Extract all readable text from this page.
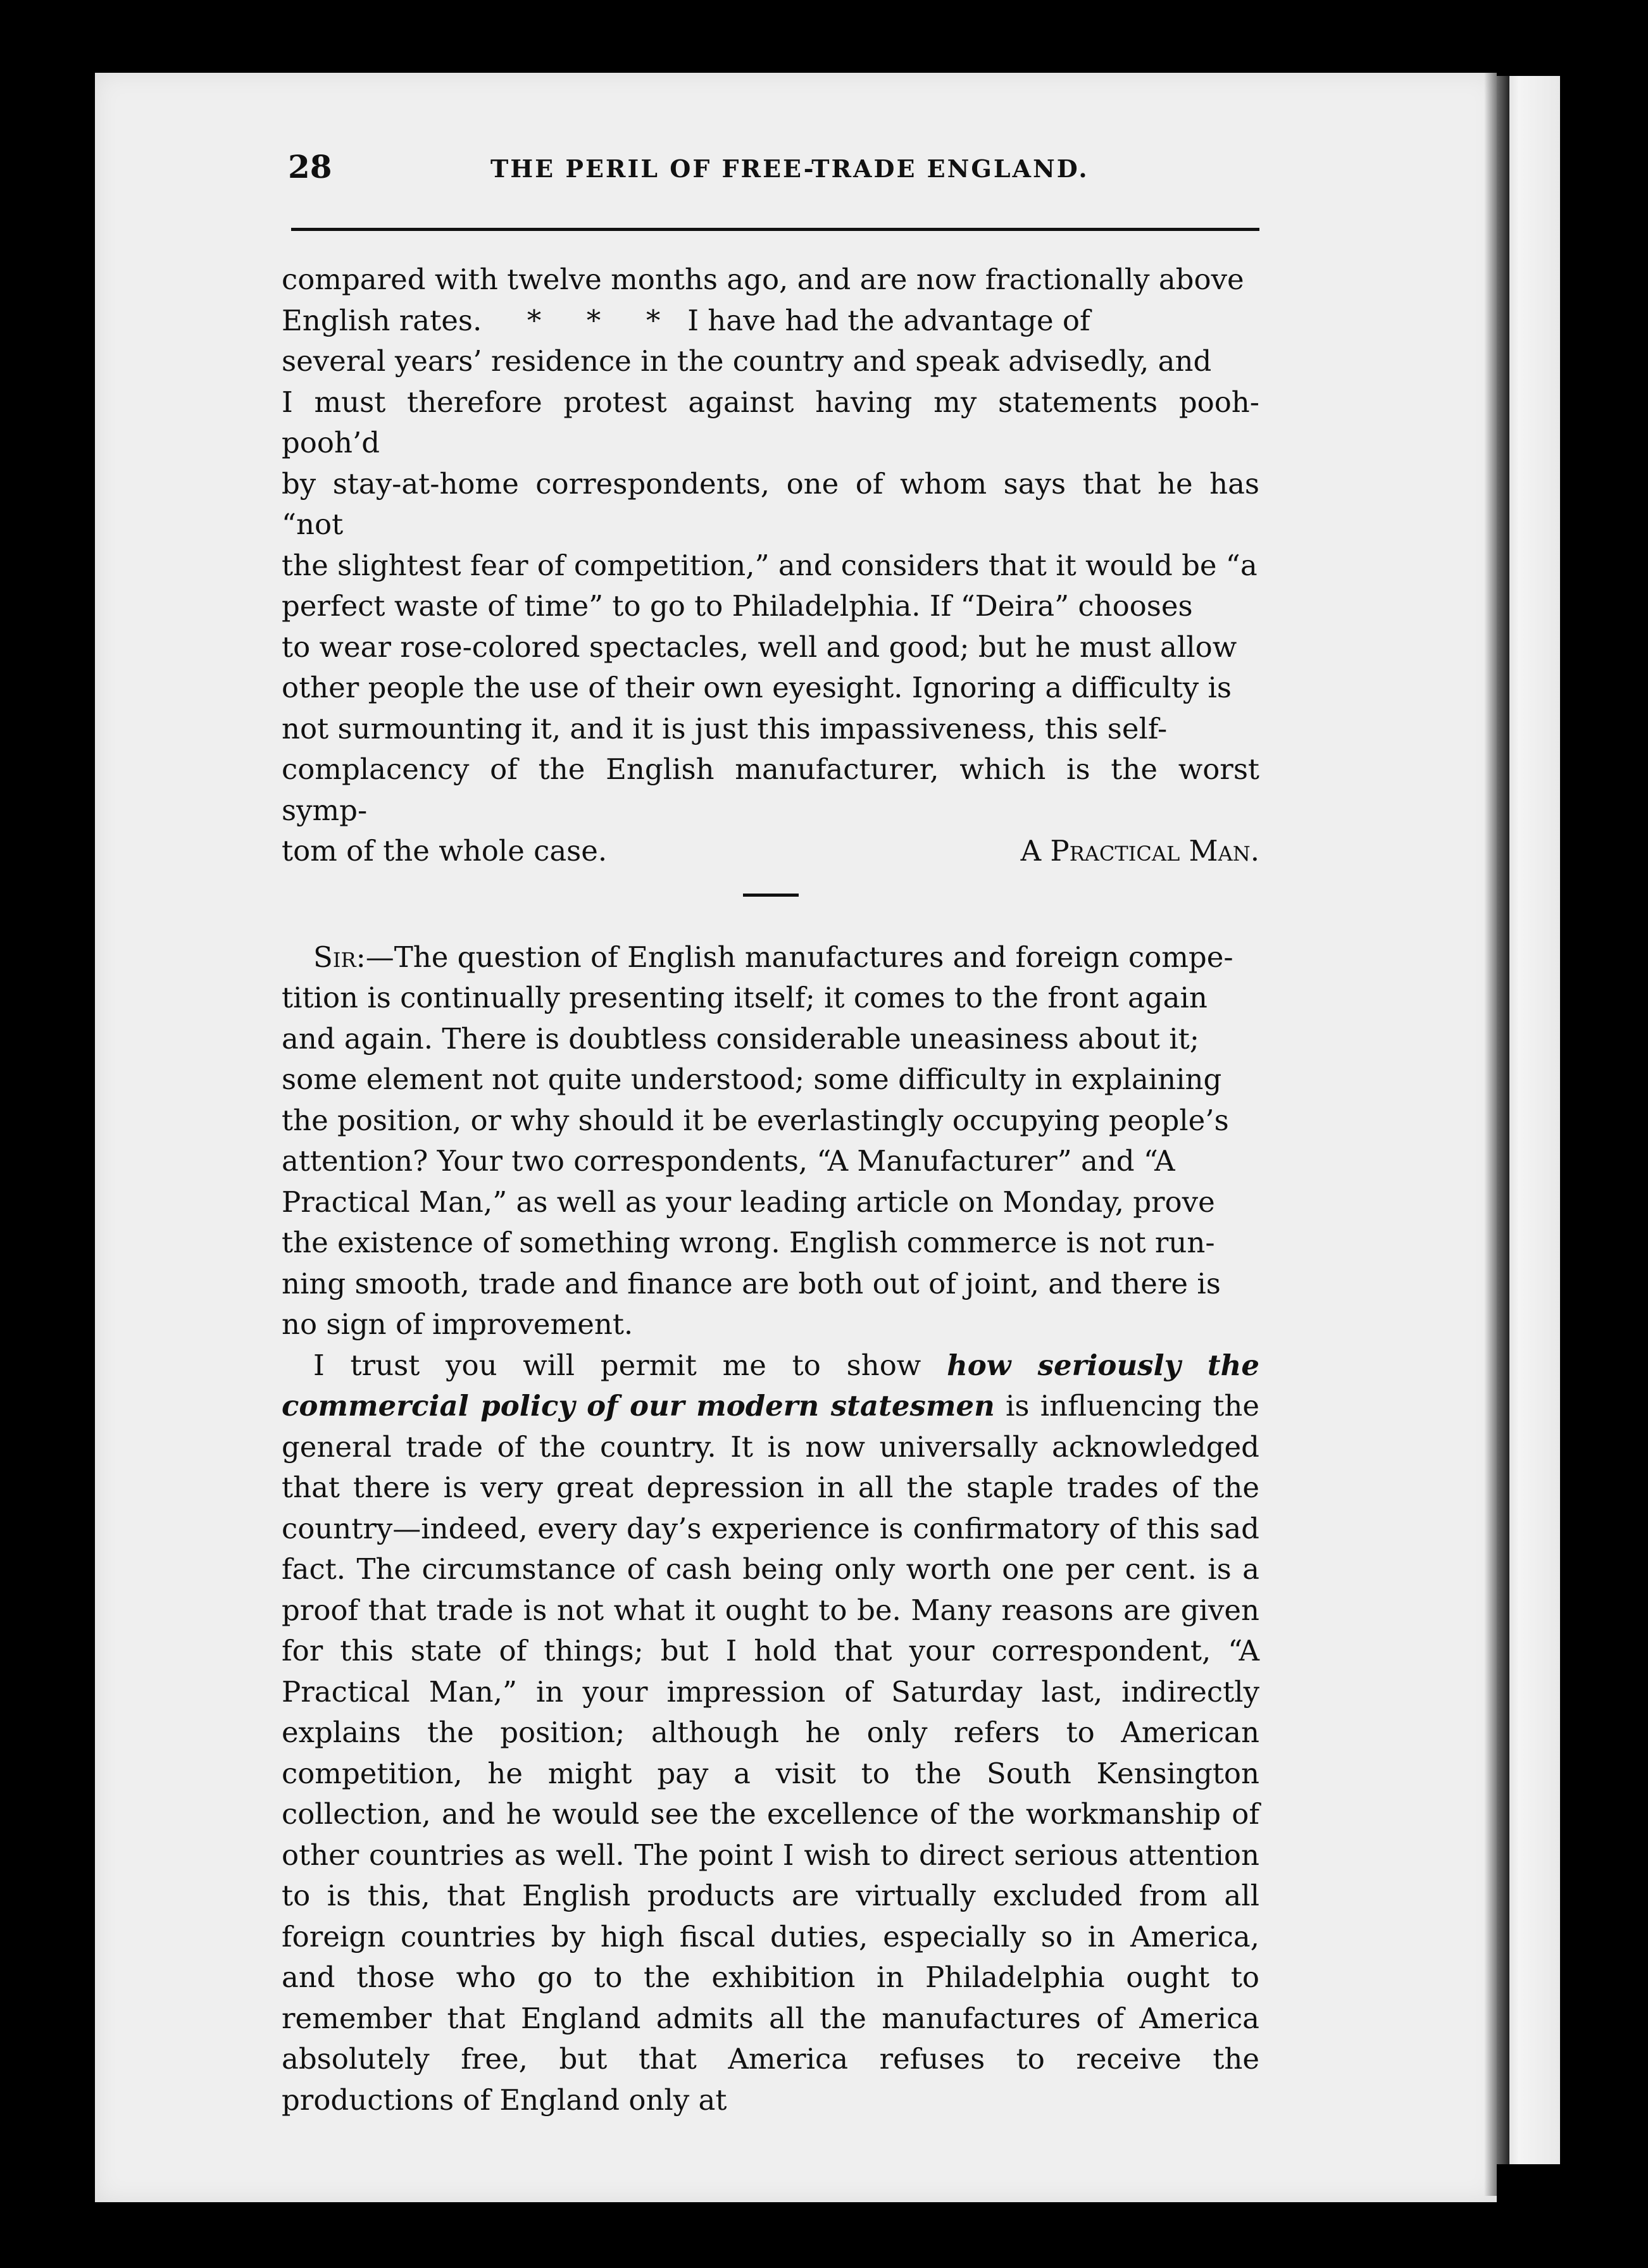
28	THE PERIL OF FREE-TRADE ENGLAND.

compared with twelve months ago, and are now fractionally above

English rates.     *     *     *   I have had the advantage of

several years’ residence in the country and speak advisedly, and

I must therefore protest against having my statements pooh-pooh’d

by stay-at-home correspondents, one of whom says that he has “not

the slightest fear of competition,” and considers that it would be “a

perfect waste of time” to go to Philadelphia. If “Deira” chooses

to wear rose-colored spectacles, well and good; but he must allow

other people the use of their own eyesight. Ignoring a difficulty is

not surmounting it, and it is just this impassiveness, this self-

complacency of the English manufacturer, which is the worst symp-

tom of the whole case.	A Practical Man.

Sir:—The question of English manufactures and foreign compe-

tition is continually presenting itself; it comes to the front again

and again. There is doubtless considerable uneasiness about it;

some element not quite understood; some difficulty in explaining

the position, or why should it be everlastingly occupying people’s

attention? Your two correspondents, “A Manufacturer” and “A

Practical Man,” as well as your leading article on Monday, prove

the existence of something wrong. English commerce is not run-

ning smooth, trade and finance are both out of joint, and there is

no sign of improvement.

I trust you will permit me to show how seriously the commercial policy of our modern statesmen is influencing the general trade of the country. It is now universally acknowledged that there is very great depression in all the staple trades of the country—indeed, every day’s experience is confirmatory of this sad fact. The circumstance of cash being only worth one per cent. is a proof that trade is not what it ought to be. Many reasons are given for this state of things; but I hold that your correspondent, “A Practical Man,” in your impression of Saturday last, indirectly explains the position; although he only refers to American competition, he might pay a visit to the South Kensington collection, and he would see the excellence of the workmanship of other countries as well. The point I wish to direct serious attention to is this, that English products are virtually excluded from all foreign countries by high fiscal duties, especially so in America, and those who go to the exhibition in Philadelphia ought to remember that England admits all the manufactures of America absolutely free, but that America refuses to receive the productions of England only at
